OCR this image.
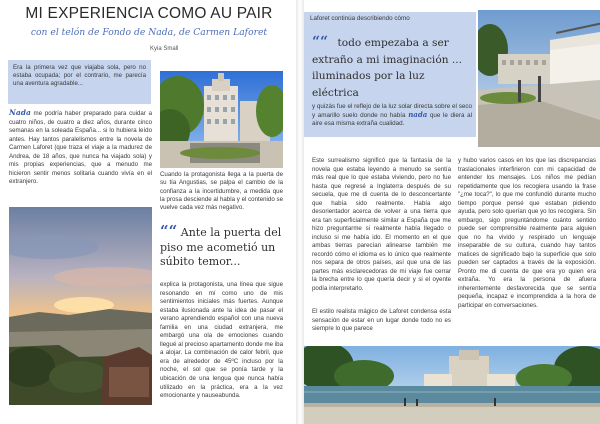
MI EXPERIENCIA COMO AU PAIR
con el telón de Fondo de Nada, de Carmen Laforet
Kyia Small
Era la primera vez que viajaba sola, pero no estaba ocupada; por el contrario, me parecía una aventura agradable...
Nada me podría haber preparado para cuidar a cuatro niños, de cuatro a diez años, durante cinco semanas en la soleada España... si lo hubiera leído antes. Hay tantos paralelismos entre la novela de Carmen Laforet (que traza el viaje a la madurez de Andrea, de 18 años, que nunca ha viajado sola) y mis propias experiencias, que a menudo me hicieron sentir menos solitaria cuando vivía en el extranjero.
Cuando la protagonista llega a la puerta de su tía Angustias, se palpa el cambio de la confianza a la incertidumbre, a medida que la prosa desciende al habla y el contenido se vuelve cada vez más negativo.
““ Ante la puerta del piso me acometió un súbito temor...
explica la protagonista, una línea que sigue resonando en mí como uno de mis sentimientos iniciales más fuertes. Aunque estaba ilusionada ante la idea de pasar el verano aprendiendo español con una nueva familia en una ciudad extranjera, me embargó una ola de emociones cuando llegué al precioso apartamento donde me iba a alojar. La combinación de calor febril, que era de alrededor de 45ºC incluso por la noche, el sol que se ponía tarde y la ubicación de una lengua que nunca había utilizado en la práctica, era a la vez emocionante y nauseabunda.
Laforet continúa describiendo cómo
““ todo empezaba a ser extraño a mi imaginación ... iluminados por la luz eléctrica
y quizás fue el reflejo de la luz solar directa sobre el seco y amarillo suelo donde no había nada que le diera al aire esa misma extraña cualidad.
Este surrealismo significó que la fantasía de la novela que estaba leyendo a menudo se sentía más real que lo que estaba viviendo, pero no fue hasta que regresé a Inglaterra después de su secuela, que me di cuenta de lo desconcertante que había sido realmente. Había algo desorientador acerca de volver a una tierra que era tan superficialmente similar a España que me hizo preguntarme si realmente había llegado o incluso si me había ido. El momento en el que ambas tierras parecían alinearse también me recordó cómo el idioma es lo único que realmente nos separa de otros países, así que una de las partes más esclarecedoras de mi viaje fue cerrar la brecha entre lo que quería decir y si el oyente podía interpretarlo.
El estilo realista mágico de Laforet condensa esta sensación de estar en un lugar donde todo no es siempre lo que parece
y hubo varios casos en los que las discrepancias traslacionales interfirieron con mi capacidad de entender los mensajes. Los niños me pedían repetidamente que los recogiera usando la frase "¿me toca?", lo que me confundió durante mucho tiempo porque pensé que estaban pidiendo ayuda, pero solo querían que yo los recogiera. Sin embargo, sigo preguntándome cuánto sentido puede ser comprensible realmente para alguien que no ha vivido y respirado un lenguaje inseparable de su cultura, cuando hay tantos matices de significado bajo la superficie que solo pueden ser captados a través de la exposición. Pronto me di cuenta de que era yo quien era extraña. Yo era la persona de afuera inherentemente desfavorecida que se sentía pequeña, incapaz e incomprendida a la hora de participar en conversaciones.
